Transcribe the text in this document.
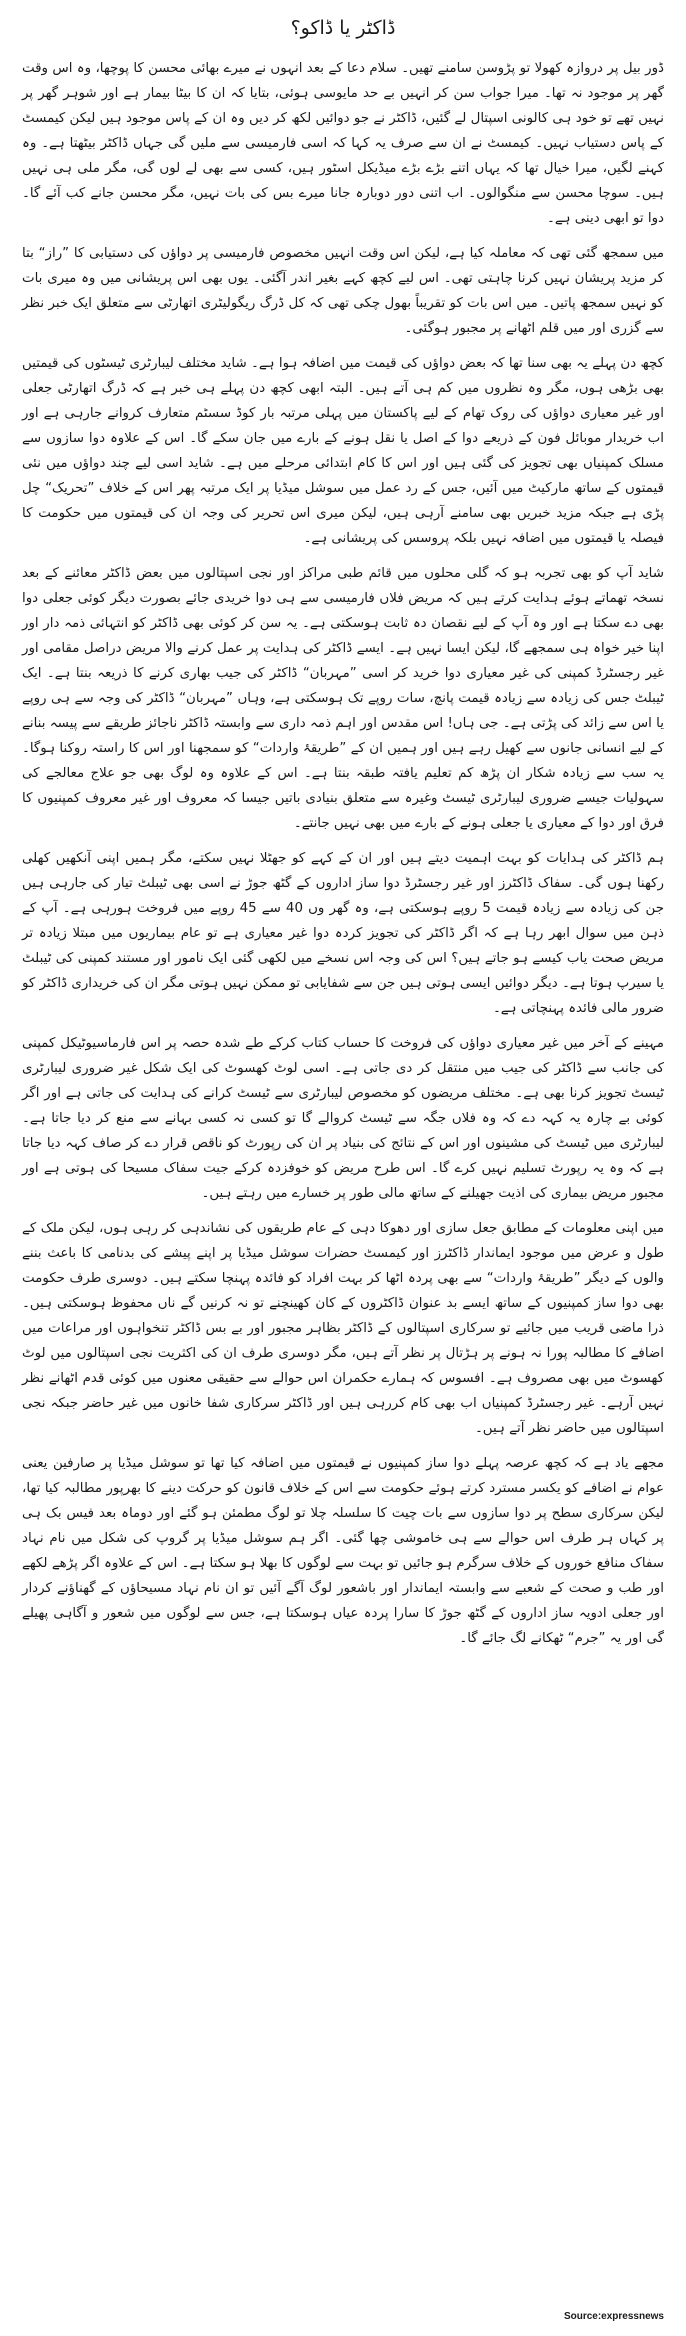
ڈاکٹر یا ڈاکو؟

ڈور بیل پر دروازہ کھولا تو پڑوسن سامنے تھیں۔ سلام دعا کے بعد انہوں نے میرے بھائی محسن کا پوچھا، وہ اس وقت گھر پر موجود نہ تھا۔ میرا جواب سن کر انہیں بے حد مایوسی ہوئی، بتایا کہ ان کا بیٹا بیمار ہے اور شوہر گھر پر نہیں تھے تو خود ہی کالونی اسپتال لے گئیں، ڈاکٹر نے جو دوائیں لکھ کر دیں وہ ان کے پاس موجود ہیں لیکن کیمسٹ کے پاس دستیاب نہیں۔ کیمسٹ نے ان سے صرف یہ کہا کہ اسی فارمیسی سے ملیں گی جہاں ڈاکٹر بیٹھتا ہے۔ وہ کہنے لگیں، میرا خیال تھا کہ یہاں اتنے بڑے بڑے میڈیکل اسٹور ہیں، کسی سے بھی لے لوں گی، مگر ملی ہی نہیں ہیں۔ سوچا محسن سے منگوالوں۔ اب اتنی دور دوبارہ جانا میرے بس کی بات نہیں، مگر محسن جانے کب آئے گا۔ دوا تو ابھی دینی ہے۔

میں سمجھ گئی تھی کہ معاملہ کیا ہے، لیکن اس وقت انہیں مخصوص فارمیسی پر دواؤں کی دستیابی کا ”راز“ بتا کر مزید پریشان نہیں کرنا چاہتی تھی۔ اس لیے کچھ کہے بغیر اندر آگئی۔ یوں بھی اس پریشانی میں وہ میری بات کو نہیں سمجھ پاتیں۔ میں اس بات کو تقریباً بھول چکی تھی کہ کل ڈرگ ریگولیٹری اتھارٹی سے متعلق ایک خبر نظر سے گزری اور میں قلم اٹھانے پر مجبور ہوگئی۔

کچھ دن پہلے یہ بھی سنا تھا کہ بعض دواؤں کی قیمت میں اضافہ ہوا ہے۔ شاید مختلف لیبارٹری ٹیسٹوں کی قیمتیں بھی بڑھی ہوں، مگر وہ نظروں میں کم ہی آتے ہیں۔ البتہ ابھی کچھ دن پہلے ہی خبر ہے کہ ڈرگ اتھارٹی جعلی اور غیر معیاری دواؤں کی روک تھام کے لیے پاکستان میں پہلی مرتبہ بار کوڈ سسٹم متعارف کروانے جارہی ہے اور اب خریدار موبائل فون کے ذریعے دوا کے اصل یا نقل ہونے کے بارے میں جان سکے گا۔ اس کے علاوہ دوا سازوں سے مسلک کمپنیاں بھی تجویز کی گئی ہیں اور اس کا کام ابتدائی مرحلے میں ہے۔ شاید اسی لیے چند دواؤں میں نئی قیمتوں کے ساتھ مارکیٹ میں آئیں، جس کے رد عمل میں سوشل میڈیا پر ایک مرتبہ پھر اس کے خلاف ”تحریک“ چل پڑی ہے جبکہ مزید خبریں بھی سامنے آرہی ہیں، لیکن میری اس تحریر کی وجہ ان کی قیمتوں میں حکومت کا فیصلہ یا قیمتوں میں اضافہ نہیں بلکہ پروسس کی پریشانی ہے۔

شاید آپ کو بھی تجربہ ہو کہ گلی محلوں میں قائم طبی مراکز اور نجی اسپتالوں میں بعض ڈاکٹر معائنے کے بعد نسخہ تھماتے ہوئے ہدایت کرتے ہیں کہ مریض فلاں فارمیسی سے ہی دوا خریدی جائے بصورت دیگر کوئی جعلی دوا بھی دے سکتا ہے اور وہ آپ کے لیے نقصان دہ ثابت ہوسکتی ہے۔ یہ سن کر کوئی بھی ڈاکٹر کو انتہائی ذمہ دار اور اپنا خیر خواہ ہی سمجھے گا، لیکن ایسا نہیں ہے۔ ایسے ڈاکٹر کی ہدایت پر عمل کرنے والا مریض دراصل مقامی اور غیر رجسٹرڈ کمپنی کی غیر معیاری دوا خرید کر اسی ”مہربان“ ڈاکٹر کی جیب بھاری کرنے کا ذریعہ بنتا ہے۔ ایک ٹیبلٹ جس کی زیادہ سے زیادہ قیمت پانچ، سات روپے تک ہوسکتی ہے، وہاں ”مہربان“ ڈاکٹر کی وجہ سے ہی روپے یا اس سے زائد کی پڑتی ہے۔ جی ہاں! اس مقدس اور اہم ذمہ داری سے وابستہ ڈاکٹر ناجائز طریقے سے پیسہ بنانے کے لیے انسانی جانوں سے کھیل رہے ہیں اور ہمیں ان کے ”طریقۂ واردات“ کو سمجھنا اور اس کا راستہ روکنا ہوگا۔ یہ سب سے زیادہ شکار ان پڑھ کم تعلیم یافتہ طبقہ بنتا ہے۔ اس کے علاوہ وہ لوگ بھی جو علاج معالجے کی سہولیات جیسے ضروری لیبارٹری ٹیسٹ وغیرہ سے متعلق بنیادی باتیں جیسا کہ معروف اور غیر معروف کمپنیوں کا فرق اور دوا کے معیاری یا جعلی ہونے کے بارے میں بھی نہیں جانتے۔

ہم ڈاکٹر کی ہدایات کو بہت اہمیت دیتے ہیں اور ان کے کہے کو جھٹلا نہیں سکتے، مگر ہمیں اپنی آنکھیں کھلی رکھنا ہوں گی۔ سفاک ڈاکٹرز اور غیر رجسٹرڈ دوا ساز اداروں کے گٹھ جوڑ نے اسی بھی ٹیبلٹ تیار کی جارہی ہیں جن کی زیادہ سے زیادہ قیمت 5 روپے ہوسکتی ہے، وہ گھر وں 40 سے 45 روپے میں فروخت ہورہی ہے۔ آپ کے ذہن میں سوال ابھر رہا ہے کہ اگر ڈاکٹر کی تجویز کردہ دوا غیر معیاری ہے تو عام بیماریوں میں مبتلا زیادہ تر مریض صحت یاب کیسے ہو جاتے ہیں؟ اس کی وجہ اس نسخے میں لکھی گئی ایک نامور اور مستند کمپنی کی ٹیبلٹ یا سیرپ ہوتا ہے۔ دیگر دوائیں ایسی ہوتی ہیں جن سے شفایابی تو ممکن نہیں ہوتی مگر ان کی خریداری ڈاکٹر کو ضرور مالی فائدہ پہنچاتی ہے۔

مہینے کے آخر میں غیر معیاری دواؤں کی فروخت کا حساب کتاب کرکے طے شدہ حصہ پر اس فارماسیوٹیکل کمپنی کی جانب سے ڈاکٹر کی جیب میں منتقل کر دی جاتی ہے۔ اسی لوٹ کھسوٹ کی ایک شکل غیر ضروری لیبارٹری ٹیسٹ تجویز کرنا بھی ہے۔ مختلف مریضوں کو مخصوص لیبارٹری سے ٹیسٹ کرانے کی ہدایت کی جاتی ہے اور اگر کوئی بے چارہ یہ کہہ دے کہ وہ فلاں جگہ سے ٹیسٹ کروالے گا تو کسی نہ کسی بہانے سے منع کر دیا جاتا ہے۔ لیبارٹری میں ٹیسٹ کی مشینوں اور اس کے نتائج کی بنیاد پر ان کی رپورٹ کو ناقص قرار دے کر صاف کہہ دیا جاتا ہے کہ وہ یہ رپورٹ تسلیم نہیں کرے گا۔ اس طرح مریض کو خوفزدہ کرکے جیت سفاک مسیحا کی ہوتی ہے اور مجبور مریض بیماری کی اذیت جھیلنے کے ساتھ مالی طور پر خسارے میں رہتے ہیں۔

میں اپنی معلومات کے مطابق جعل سازی اور دھوکا دہی کے عام طریقوں کی نشاندہی کر رہی ہوں، لیکن ملک کے طول و عرض میں موجود ایماندار ڈاکٹرز اور کیمسٹ حضرات سوشل میڈیا پر اپنے پیشے کی بدنامی کا باعث بننے والوں کے دیگر ”طریقۂ واردات“ سے بھی پردہ اٹھا کر بہت افراد کو فائدہ پہنچا سکتے ہیں۔ دوسری طرف حکومت بھی دوا ساز کمپنیوں کے ساتھ ایسے بد عنوان ڈاکٹروں کے کان کھینچنے تو نہ کرنیں گے ناں محفوظ ہوسکتی ہیں۔ ذرا ماضی قریب میں جائیے تو سرکاری اسپتالوں کے ڈاکٹر بظاہر مجبور اور بے بس ڈاکٹر تنخواہوں اور مراعات میں اضافے کا مطالبہ پورا نہ ہونے پر ہڑتال پر نظر آتے ہیں، مگر دوسری طرف ان کی اکثریت نجی اسپتالوں میں لوٹ کھسوٹ میں بھی مصروف ہے۔ افسوس کہ ہمارے حکمران اس حوالے سے حقیقی معنوں میں کوئی قدم اٹھانے نظر نہیں آرہے۔ غیر رجسٹرڈ کمپنیاں اب بھی کام کررہی ہیں اور ڈاکٹر سرکاری شفا خانوں میں غیر حاضر جبکہ نجی اسپتالوں میں حاضر نظر آتے ہیں۔

مجھے یاد ہے کہ کچھ عرصہ پہلے دوا ساز کمپنیوں نے قیمتوں میں اضافہ کیا تھا تو سوشل میڈیا پر صارفین یعنی عوام نے اضافے کو یکسر مسترد کرتے ہوئے حکومت سے اس کے خلاف قانون کو حرکت دینے کا بھرپور مطالبہ کیا تھا، لیکن سرکاری سطح پر دوا سازوں سے بات چیت کا سلسلہ چلا تو لوگ مطمئن ہو گئے اور دوماہ بعد فیس بک ہی پر کہاں ہر طرف اس حوالے سے ہی خاموشی چھا گئی۔ اگر ہم سوشل میڈیا پر گروپ کی شکل میں نام نہاد سفاک منافع خوروں کے خلاف سرگرم ہو جائیں تو بہت سے لوگوں کا بھلا ہو سکتا ہے۔ اس کے علاوہ اگر پڑھے لکھے اور طب و صحت کے شعبے سے وابستہ ایماندار اور باشعور لوگ آگے آئیں تو ان نام نہاد مسیحاؤں کے گھناؤنے کردار اور جعلی ادویہ ساز اداروں کے گٹھ جوڑ کا سارا پردہ عیاں ہوسکتا ہے، جس سے لوگوں میں شعور و آگاہی پھیلے گی اور یہ ”جرم“ ٹھکانے لگ جائے گا۔

Source:expressnews
